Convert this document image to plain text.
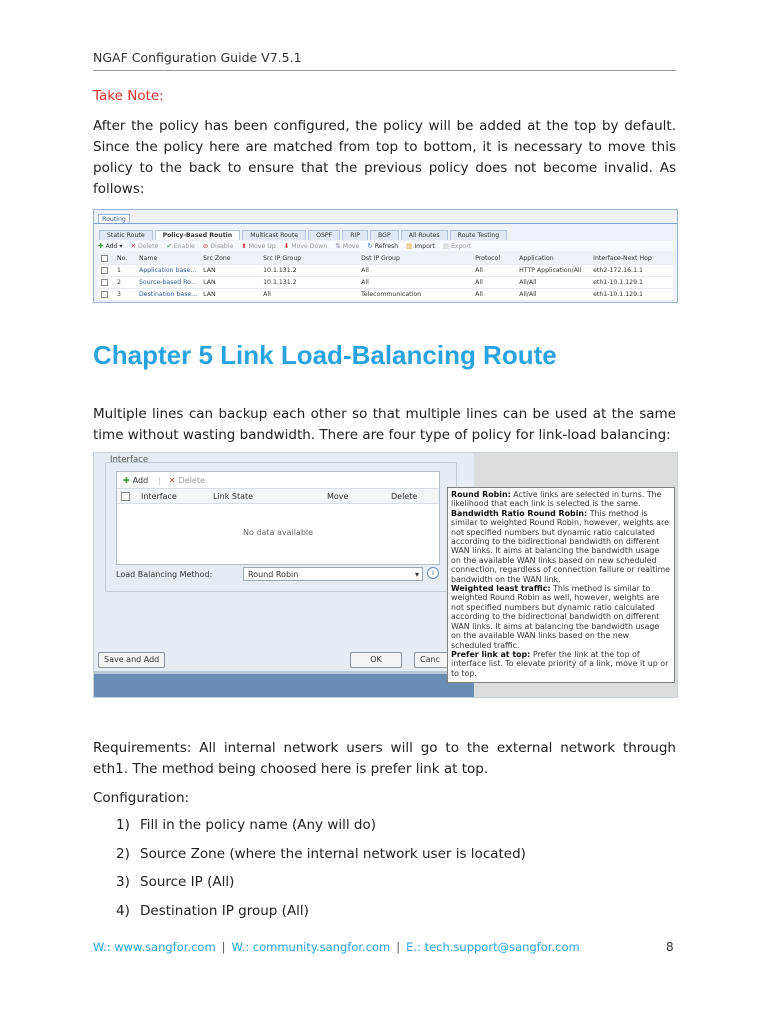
NGAF Configuration Guide V7.5.1
Take Note:
After the policy has been configured, the policy will be added at the top by default. Since the policy here are matched from top to bottom, it is necessary to move this policy to the back to ensure that the previous policy does not become invalid. As follows:
Routing
Static Route	Policy-Based Routin	Multicast Route	OSPF	RIP	BGP	All Routes	Route Testing
✚ Add ▾ ✕ Delete ✔ Enable ⊘ Disable ⬆ Move Up ⬇ Move Down ⇅ Move ↻ Refresh ▤ Import ▤ Export
	No.	Name	Src Zone	Src IP Group	Dst IP Group	Protocol	Application	Interface-Next Hop
	1	Application base...	LAN	10.1.131.2	All	All	HTTP Application/All	eth2-172.16.1.1
	2	Source-based Ro...	LAN	10.1.131.2	All	All	All/All	eth1-10.1.129.1
	3	Destination base...	LAN	All	Telecommunication	All	All/All	eth1-10.1.129.1
Chapter 5 Link Load-Balancing Route
Multiple lines can backup each other so that multiple lines can be used at the same time without wasting bandwidth. There are four type of policy for link-load balancing:
Interface
✚ Add | ✕ Delete
Interface	Link State	Move	Delete
No data available
Load Balancing Method:	Round Robin	▾	i
Save and Add	OK	Canc
Round Robin: Active links are selected in turns. The likelihood that each link is selected is the same.
Bandwidth Ratio Round Robin: This method is similar to weighted Round Robin, however, weights are not specified numbers but dynamic ratio calculated according to the bidirectional bandwidth on different WAN links. It aims at balancing the bandwidth usage on the available WAN links based on new scheduled connection, regardless of connection failure or realtime bandwidth on the WAN link.
Weighted least traffic: This method is similar to weighted Round Robin as well, however, weights are not specified numbers but dynamic ratio calculated according to the bidirectional bandwidth on different WAN links. It aims at balancing the bandwidth usage on the available WAN links based on the new scheduled traffic.
Prefer link at top: Prefer the link at the top of interface list. To elevate priority of a link, move it up or to top.
Requirements: All internal network users will go to the external network through eth1. The method being choosed here is prefer link at top.
Configuration:
1) Fill in the policy name (Any will do)
2) Source Zone (where the internal network user is located)
3) Source IP (All)
4) Destination IP group (All)
W.: www.sangfor.com | W.: community.sangfor.com | E.: tech.support@sangfor.com	8
